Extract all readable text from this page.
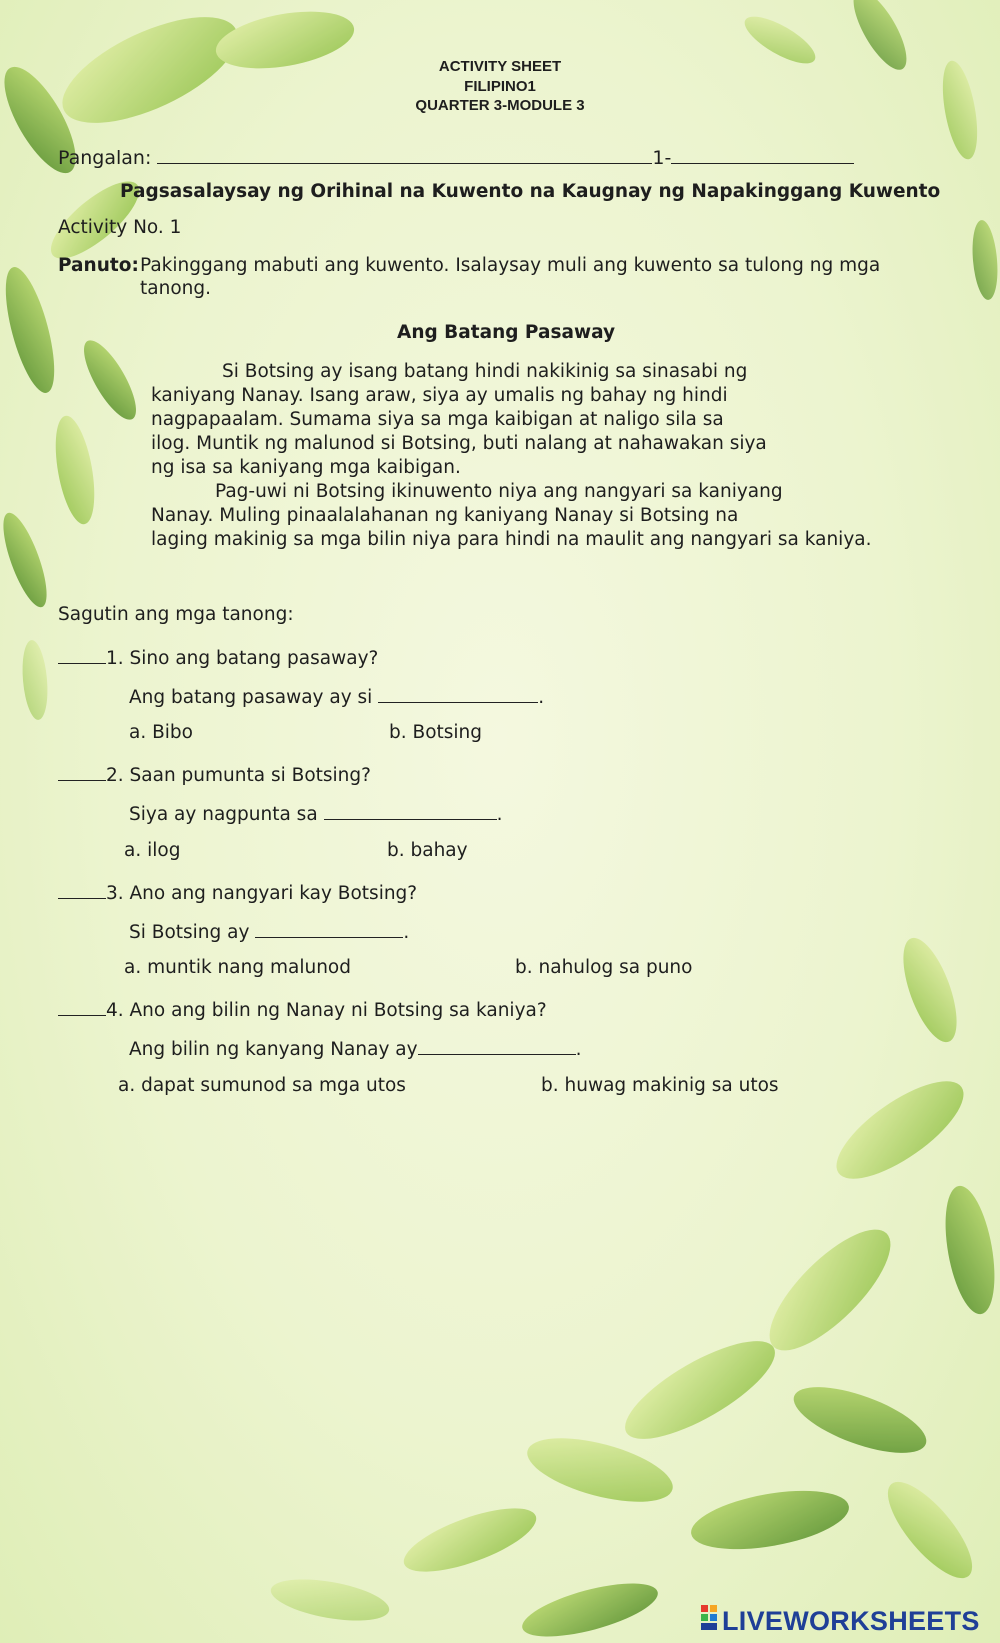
ACTIVITY SHEET
FILIPINO1
QUARTER 3-MODULE 3
Pangalan:	1-
Pagsasalaysay ng Orihinal na Kuwento na Kaugnay ng Napakinggang Kuwento
Activity No. 1
Panuto: Pakinggang mabuti ang kuwento. Isalaysay muli ang kuwento sa tulong ng mga
tanong.
Ang Batang Pasaway
Si Botsing ay isang batang hindi nakikinig sa sinasabi ng
kaniyang Nanay. Isang araw, siya ay umalis ng bahay ng hindi
nagpapaalam. Sumama siya sa mga kaibigan at naligo sila sa
ilog. Muntik ng malunod si Botsing, buti nalang at nahawakan siya
ng isa sa kaniyang mga kaibigan.
Pag-uwi ni Botsing ikinuwento niya ang nangyari sa kaniyang
Nanay. Muling pinaalalahanan ng kaniyang Nanay si Botsing na
laging makinig sa mga bilin niya para hindi na maulit ang nangyari sa kaniya.
Sagutin ang mga tanong:
1. Sino ang batang pasaway?
Ang batang pasaway ay si	.
a. Bibo	b. Botsing
2. Saan pumunta si Botsing?
Siya ay nagpunta sa	.
a. ilog	b. bahay
3. Ano ang nangyari kay Botsing?
Si Botsing ay	.
a. muntik nang malunod	b. nahulog sa puno
4. Ano ang bilin ng Nanay ni Botsing sa kaniya?
Ang bilin ng kanyang Nanay ay	.
a. dapat sumunod sa mga utos	b. huwag makinig sa utos
LIVEWORKSHEETS
